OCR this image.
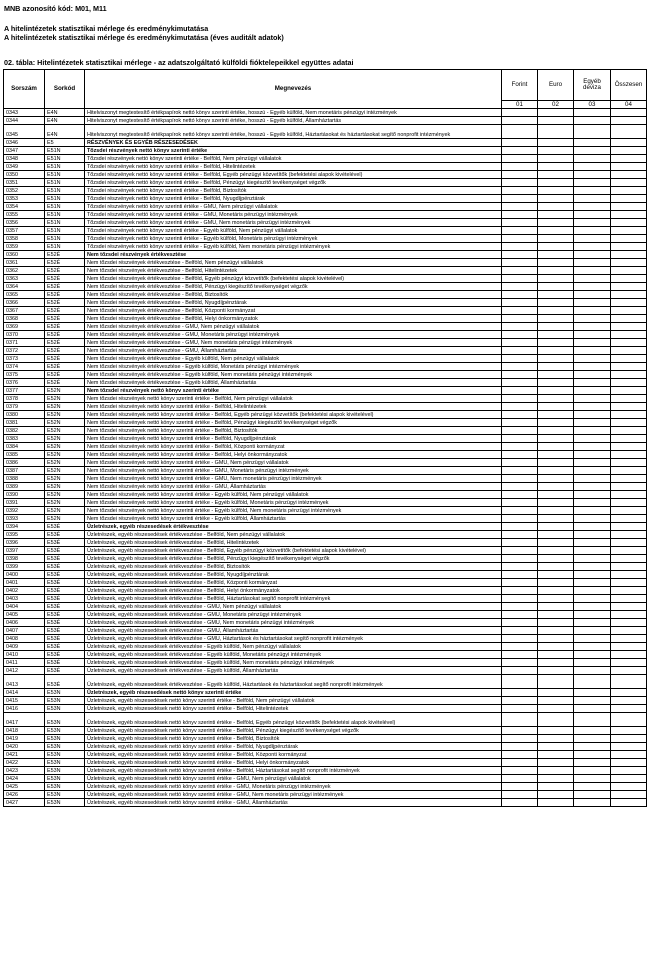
MNB azonosító kód: M01, M11
A hitelintézetek statisztikai mérlege és eredménykimutatása
A hitelintézetek statisztikai mérlege és eredménykimutatása (éves auditált adatok)
02. tábla: Hitelintézetek statisztikai mérlege - az adatszolgáltató külföldi fióktelepeikkel együttes adatai
Sorszám	Sorkód	Megnevezés	Forint	Euro	Egyéb deviza	Összesen
			01	02	03	04
0343	E4N	Hitelviszonyt megtestesítő értékpapírok nettó könyv szerinti értéke, hosszú - Egyéb külföld, Nem monetáris pénzügyi intézmények				
0344	E4N	Hitelviszonyt megtestesítő értékpapírok nettó könyv szerinti értéke, hosszú - Egyéb külföld, Államháztartás				
0345	E4N	Hitelviszonyt megtestesítő értékpapírok nettó könyv szerinti értéke, hosszú - Egyéb külföld, Háztartásokat és háztartásokat segítő nonprofit intézmények				
0346	E5	RÉSZVÉNYEK ÉS EGYÉB RÉSZESEDÉSEK				
0347	E51N	Tőzsdei részvények nettó könyv szerinti értéke				
0348	E51N	Tőzsdei részvények nettó könyv szerinti értéke - Belföld, Nem pénzügyi vállalatok				
0349	E51N	Tőzsdei részvények nettó könyv szerinti értéke - Belföld, Hitelintézetek				
0350	E51N	Tőzsdei részvények nettó könyv szerinti értéke - Belföld, Egyéb pénzügyi közvetítők (befektetési alapok kivételével)				
0351	E51N	Tőzsdei részvények nettó könyv szerinti értéke - Belföld, Pénzügyi kiegészítő tevékenységet végzők				
0352	E51N	Tőzsdei részvények nettó könyv szerinti értéke - Belföld, Biztosítók				
0353	E51N	Tőzsdei részvények nettó könyv szerinti értéke - Belföld, Nyugdíjpénztárak				
0354	E51N	Tőzsdei részvények nettó könyv szerinti értéke - GMU, Nem pénzügyi vállalatok				
0355	E51N	Tőzsdei részvények nettó könyv szerinti értéke - GMU, Monetáris pénzügyi intézmények				
0356	E51N	Tőzsdei részvények nettó könyv szerinti értéke - GMU, Nem monetáris pénzügyi intézmények				
0357	E51N	Tőzsdei részvények nettó könyv szerinti értéke - Egyéb külföld, Nem pénzügyi vállalatok				
0358	E51N	Tőzsdei részvények nettó könyv szerinti értéke - Egyéb külföld, Monetáris pénzügyi intézmények				
0359	E51N	Tőzsdei részvények nettó könyv szerinti értéke - Egyéb külföld, Nem monetáris pénzügyi intézmények				
0360	E52É	Nem tőzsdei részvények értékvesztése				
0361	E52É	Nem tőzsdei részvények értékvesztése - Belföld, Nem pénzügyi vállalatok				
0362	E52É	Nem tőzsdei részvények értékvesztése - Belföld, Hitelintézetek				
0363	E52É	Nem tőzsdei részvények értékvesztése - Belföld, Egyéb pénzügyi közvetítők (befektetési alapok kivételével)				
0364	E52É	Nem tőzsdei részvények értékvesztése - Belföld, Pénzügyi kiegészítő tevékenységet végzők				
0365	E52É	Nem tőzsdei részvények értékvesztése - Belföld, Biztosítók				
0366	E52É	Nem tőzsdei részvények értékvesztése - Belföld, Nyugdíjpénztárak				
0367	E52É	Nem tőzsdei részvények értékvesztése - Belföld, Központi kormányzat				
0368	E52É	Nem tőzsdei részvények értékvesztése - Belföld, Helyi önkormányzatok				
0369	E52É	Nem tőzsdei részvények értékvesztése - GMU, Nem pénzügyi vállalatok				
0370	E52É	Nem tőzsdei részvények értékvesztése - GMU, Monetáris pénzügyi intézmények				
0371	E52É	Nem tőzsdei részvények értékvesztése - GMU, Nem monetáris pénzügyi intézmények				
0372	E52É	Nem tőzsdei részvények értékvesztése - GMU, Államháztartás				
0373	E52É	Nem tőzsdei részvények értékvesztése - Egyéb külföld, Nem pénzügyi vállalatok				
0374	E52É	Nem tőzsdei részvények értékvesztése - Egyéb külföld, Monetáris pénzügyi intézmények				
0375	E52É	Nem tőzsdei részvények értékvesztése - Egyéb külföld, Nem monetáris pénzügyi intézmények				
0376	E52É	Nem tőzsdei részvények értékvesztése - Egyéb külföld, Államháztartás				
0377	E52N	Nem tőzsdei részvények nettó könyv szerinti értéke				
0378	E52N	Nem tőzsdei részvények nettó könyv szerinti értéke - Belföld, Nem pénzügyi vállalatok				
0379	E52N	Nem tőzsdei részvények nettó könyv szerinti értéke - Belföld, Hitelintézetek				
0380	E52N	Nem tőzsdei részvények nettó könyv szerinti értéke - Belföld, Egyéb pénzügyi közvetítők (befektetési alapok kivételével)				
0381	E52N	Nem tőzsdei részvények nettó könyv szerinti értéke - Belföld, Pénzügyi kiegészítő tevékenységet végzők				
0382	E52N	Nem tőzsdei részvények nettó könyv szerinti értéke - Belföld, Biztosítók				
0383	E52N	Nem tőzsdei részvények nettó könyv szerinti értéke - Belföld, Nyugdíjpénztárak				
0384	E52N	Nem tőzsdei részvények nettó könyv szerinti értéke - Belföld, Központi kormányzat				
0385	E52N	Nem tőzsdei részvények nettó könyv szerinti értéke - Belföld, Helyi önkormányzatok				
0386	E52N	Nem tőzsdei részvények nettó könyv szerinti értéke - GMU, Nem pénzügyi vállalatok				
0387	E52N	Nem tőzsdei részvények nettó könyv szerinti értéke - GMU, Monetáris pénzügyi intézmények				
0388	E52N	Nem tőzsdei részvények nettó könyv szerinti értéke - GMU, Nem monetáris pénzügyi intézmények				
0389	E52N	Nem tőzsdei részvények nettó könyv szerinti értéke - GMU, Államháztartás				
0390	E52N	Nem tőzsdei részvények nettó könyv szerinti értéke - Egyéb külföld, Nem pénzügyi vállalatok				
0391	E52N	Nem tőzsdei részvények nettó könyv szerinti értéke - Egyéb külföld, Monetáris pénzügyi intézmények				
0392	E52N	Nem tőzsdei részvények nettó könyv szerinti értéke - Egyéb külföld, Nem monetáris pénzügyi intézmények				
0393	E52N	Nem tőzsdei részvények nettó könyv szerinti értéke - Egyéb külföld, Államháztartás				
0394	E53É	Üzletrészek, egyéb részesedések értékvesztése				
0395	E53É	Üzletrészek, egyéb részesedések értékvesztése - Belföld, Nem pénzügyi vállalatok				
0396	E53É	Üzletrészek, egyéb részesedések értékvesztése - Belföld, Hitelintézetek				
0397	E53É	Üzletrészek, egyéb részesedések értékvesztése - Belföld, Egyéb pénzügyi közvetítők (befektetési alapok kivételével)				
0398	E53É	Üzletrészek, egyéb részesedések értékvesztése - Belföld, Pénzügyi kiegészítő tevékenységet végzők				
0399	E53É	Üzletrészek, egyéb részesedések értékvesztése - Belföld, Biztosítók				
0400	E53É	Üzletrészek, egyéb részesedések értékvesztése - Belföld, Nyugdíjpénztárak				
0401	E53É	Üzletrészek, egyéb részesedések értékvesztése - Belföld, Központi kormányzat				
0402	E53É	Üzletrészek, egyéb részesedések értékvesztése - Belföld, Helyi önkormányzatok				
0403	E53É	Üzletrészek, egyéb részesedések értékvesztése - Belföld, Háztartásokat segítő nonprofit intézmények				
0404	E53É	Üzletrészek, egyéb részesedések értékvesztése - GMU, Nem pénzügyi vállalatok				
0405	E53É	Üzletrészek, egyéb részesedések értékvesztése - GMU, Monetáris pénzügyi intézmények				
0406	E53É	Üzletrészek, egyéb részesedések értékvesztése - GMU, Nem monetáris pénzügyi intézmények				
0407	E53É	Üzletrészek, egyéb részesedések értékvesztése - GMU, Államháztartás				
0408	E53É	Üzletrészek, egyéb részesedések értékvesztése - GMU, Háztartások és háztartásokat segítő nonprofit intézmények				
0409	E53É	Üzletrészek, egyéb részesedések értékvesztése - Egyéb külföld, Nem pénzügyi vállalatok				
0410	E53É	Üzletrészek, egyéb részesedések értékvesztése - Egyéb külföld, Monetáris pénzügyi intézmények				
0411	E53É	Üzletrészek, egyéb részesedések értékvesztése - Egyéb külföld, Nem monetáris pénzügyi intézmények				
0412	E53É	Üzletrészek, egyéb részesedések értékvesztése - Egyéb külföld, Államháztartás				
0413	E53É	Üzletrészek, egyéb részesedések értékvesztése - Egyéb külföld, Háztartások és háztartásokat segítő nonprofit intézmények				
0414	E53N	Üzletrészek, egyéb részesedések nettó könyv szerinti értéke				
0415	E53N	Üzletrészek, egyéb részesedések nettó könyv szerinti értéke - Belföld, Nem pénzügyi vállalatok				
0416	E53N	Üzletrészek, egyéb részesedések nettó könyv szerinti értéke - Belföld, Hitelintézetek				
0417	E53N	Üzletrészek, egyéb részesedések nettó könyv szerinti értéke - Belföld, Egyéb pénzügyi közvetítők (befektetési alapok kivételével)				
0418	E53N	Üzletrészek, egyéb részesedések nettó könyv szerinti értéke - Belföld, Pénzügyi kiegészítő tevékenységet végzők				
0419	E53N	Üzletrészek, egyéb részesedések nettó könyv szerinti értéke - Belföld, Biztosítók				
0420	E53N	Üzletrészek, egyéb részesedések nettó könyv szerinti értéke - Belföld, Nyugdíjpénztárak				
0421	E53N	Üzletrészek, egyéb részesedések nettó könyv szerinti értéke - Belföld, Központi kormányzat				
0422	E53N	Üzletrészek, egyéb részesedések nettó könyv szerinti értéke - Belföld, Helyi önkormányzatok				
0423	E53N	Üzletrészek, egyéb részesedések nettó könyv szerinti értéke - Belföld, Háztartásokat segítő nonprofit intézmények				
0424	E53N	Üzletrészek, egyéb részesedések nettó könyv szerinti értéke - GMU, Nem pénzügyi vállalatok				
0425	E53N	Üzletrészek, egyéb részesedések nettó könyv szerinti értéke - GMU, Monetáris pénzügyi intézmények				
0426	E53N	Üzletrészek, egyéb részesedések nettó könyv szerinti értéke - GMU, Nem monetáris pénzügyi intézmények				
0427	E53N	Üzletrészek, egyéb részesedések nettó könyv szerinti értéke - GMU, Államháztartás				
